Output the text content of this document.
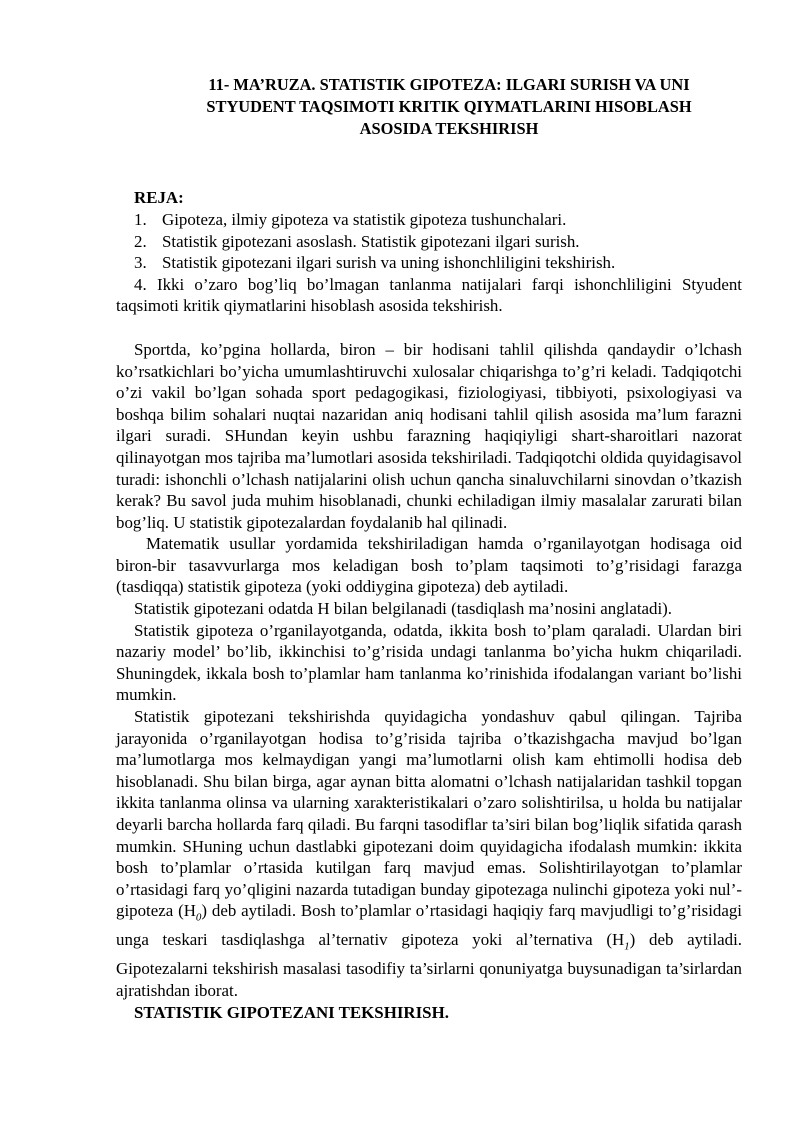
11- MA’RUZA. STATISTIK GIPOTEZA: ILGARI SURISH VA UNI
STYUDENT TAQSIMOTI KRITIK QIYMATLARINI HISOBLASH
ASOSIDA TEKSHIRISH

REJA:

1. Gipoteza, ilmiy gipoteza va statistik gipoteza tushunchalari.
2. Statistik gipotezani asoslash. Statistik gipotezani ilgari surish.
3. Statistik gipotezani ilgari surish va uning ishonchliligini tekshirish.

4. Ikki o’zaro bog’liq bo’lmagan tanlanma natijalari farqi ishonchliligini Styudent taqsimoti kritik qiymatlarini hisoblash asosida tekshirish.

Sportda, ko’pgina hollarda, biron – bir hodisani tahlil qilishda qandaydir o’lchash ko’rsatkichlari bo’yicha umumlashtiruvchi xulosalar chiqarishga to’g’ri keladi. Tadqiqotchi o’zi vakil bo’lgan sohada sport pedagogikasi, fiziologiyasi, tibbiyoti, psixologiyasi va boshqa bilim sohalari nuqtai nazaridan aniq hodisani tahlil qilish asosida ma’lum farazni ilgari suradi. SHundan keyin ushbu farazning haqiqiyligi shart-sharoitlari nazorat qilinayotgan mos tajriba ma’lumotlari asosida tekshiriladi. Tadqiqotchi oldida quyidagisavol turadi: ishonchli o’lchash natijalarini olish uchun qancha sinaluvchilarni sinovdan o’tkazish kerak? Bu savol juda muhim hisoblanadi, chunki echiladigan ilmiy masalalar zarurati bilan bog’liq. U statistik gipotezalardan foydalanib hal qilinadi.

Matematik usullar yordamida tekshiriladigan hamda o’rganilayotgan hodisaga oid biron-bir tasavvurlarga mos keladigan bosh to’plam taqsimoti to’g’risidagi farazga (tasdiqqa) statistik gipoteza (yoki oddiygina gipoteza) deb aytiladi.

Statistik gipotezani odatda H bilan belgilanadi (tasdiqlash ma’nosini anglatadi).

Statistik gipoteza o’rganilayotganda, odatda, ikkita bosh to’plam qaraladi. Ulardan biri nazariy model’ bo’lib, ikkinchisi to’g’risida undagi tanlanma bo’yicha hukm chiqariladi. Shuningdek, ikkala bosh to’plamlar ham tanlanma ko’rinishida ifodalangan variant bo’lishi mumkin.

Statistik gipotezani tekshirishda quyidagicha yondashuv qabul qilingan. Tajriba jarayonida o’rganilayotgan hodisa to’g’risida tajriba o’tkazishgacha mavjud bo’lgan ma’lumotlarga mos kelmaydigan yangi ma’lumotlarni olish kam ehtimolli hodisa deb hisoblanadi. Shu bilan birga, agar aynan bitta alomatni o’lchash natijalaridan tashkil topgan ikkita tanlanma olinsa va ularning xarakteristikalari o’zaro solishtirilsa, u holda bu natijalar deyarli barcha hollarda farq qiladi. Bu farqni tasodiflar ta’siri bilan bog’liqlik sifatida qarash mumkin. SHuning uchun dastlabki gipotezani doim quyidagicha ifodalash mumkin: ikkita bosh to’plamlar o’rtasida kutilgan farq mavjud emas. Solishtirilayotgan to’plamlar o’rtasidagi farq yo’qligini nazarda tutadigan bunday gipotezaga nulinchi gipoteza yoki nul’-gipoteza $(H_0)$ deb aytiladi. Bosh to’plamlar o’rtasidagi haqiqiy farq mavjudligi to’g’risidagi unga teskari tasdiqlashga al’ternativ gipoteza yoki al’ternativa $(H_1)$ deb aytiladi. Gipotezalarni tekshirish masalasi tasodifiy ta’sirlarni qonuniyatga buysunadigan ta’sirlardan ajratishdan iborat.

STATISTIK GIPOTEZANI TEKSHIRISH.
